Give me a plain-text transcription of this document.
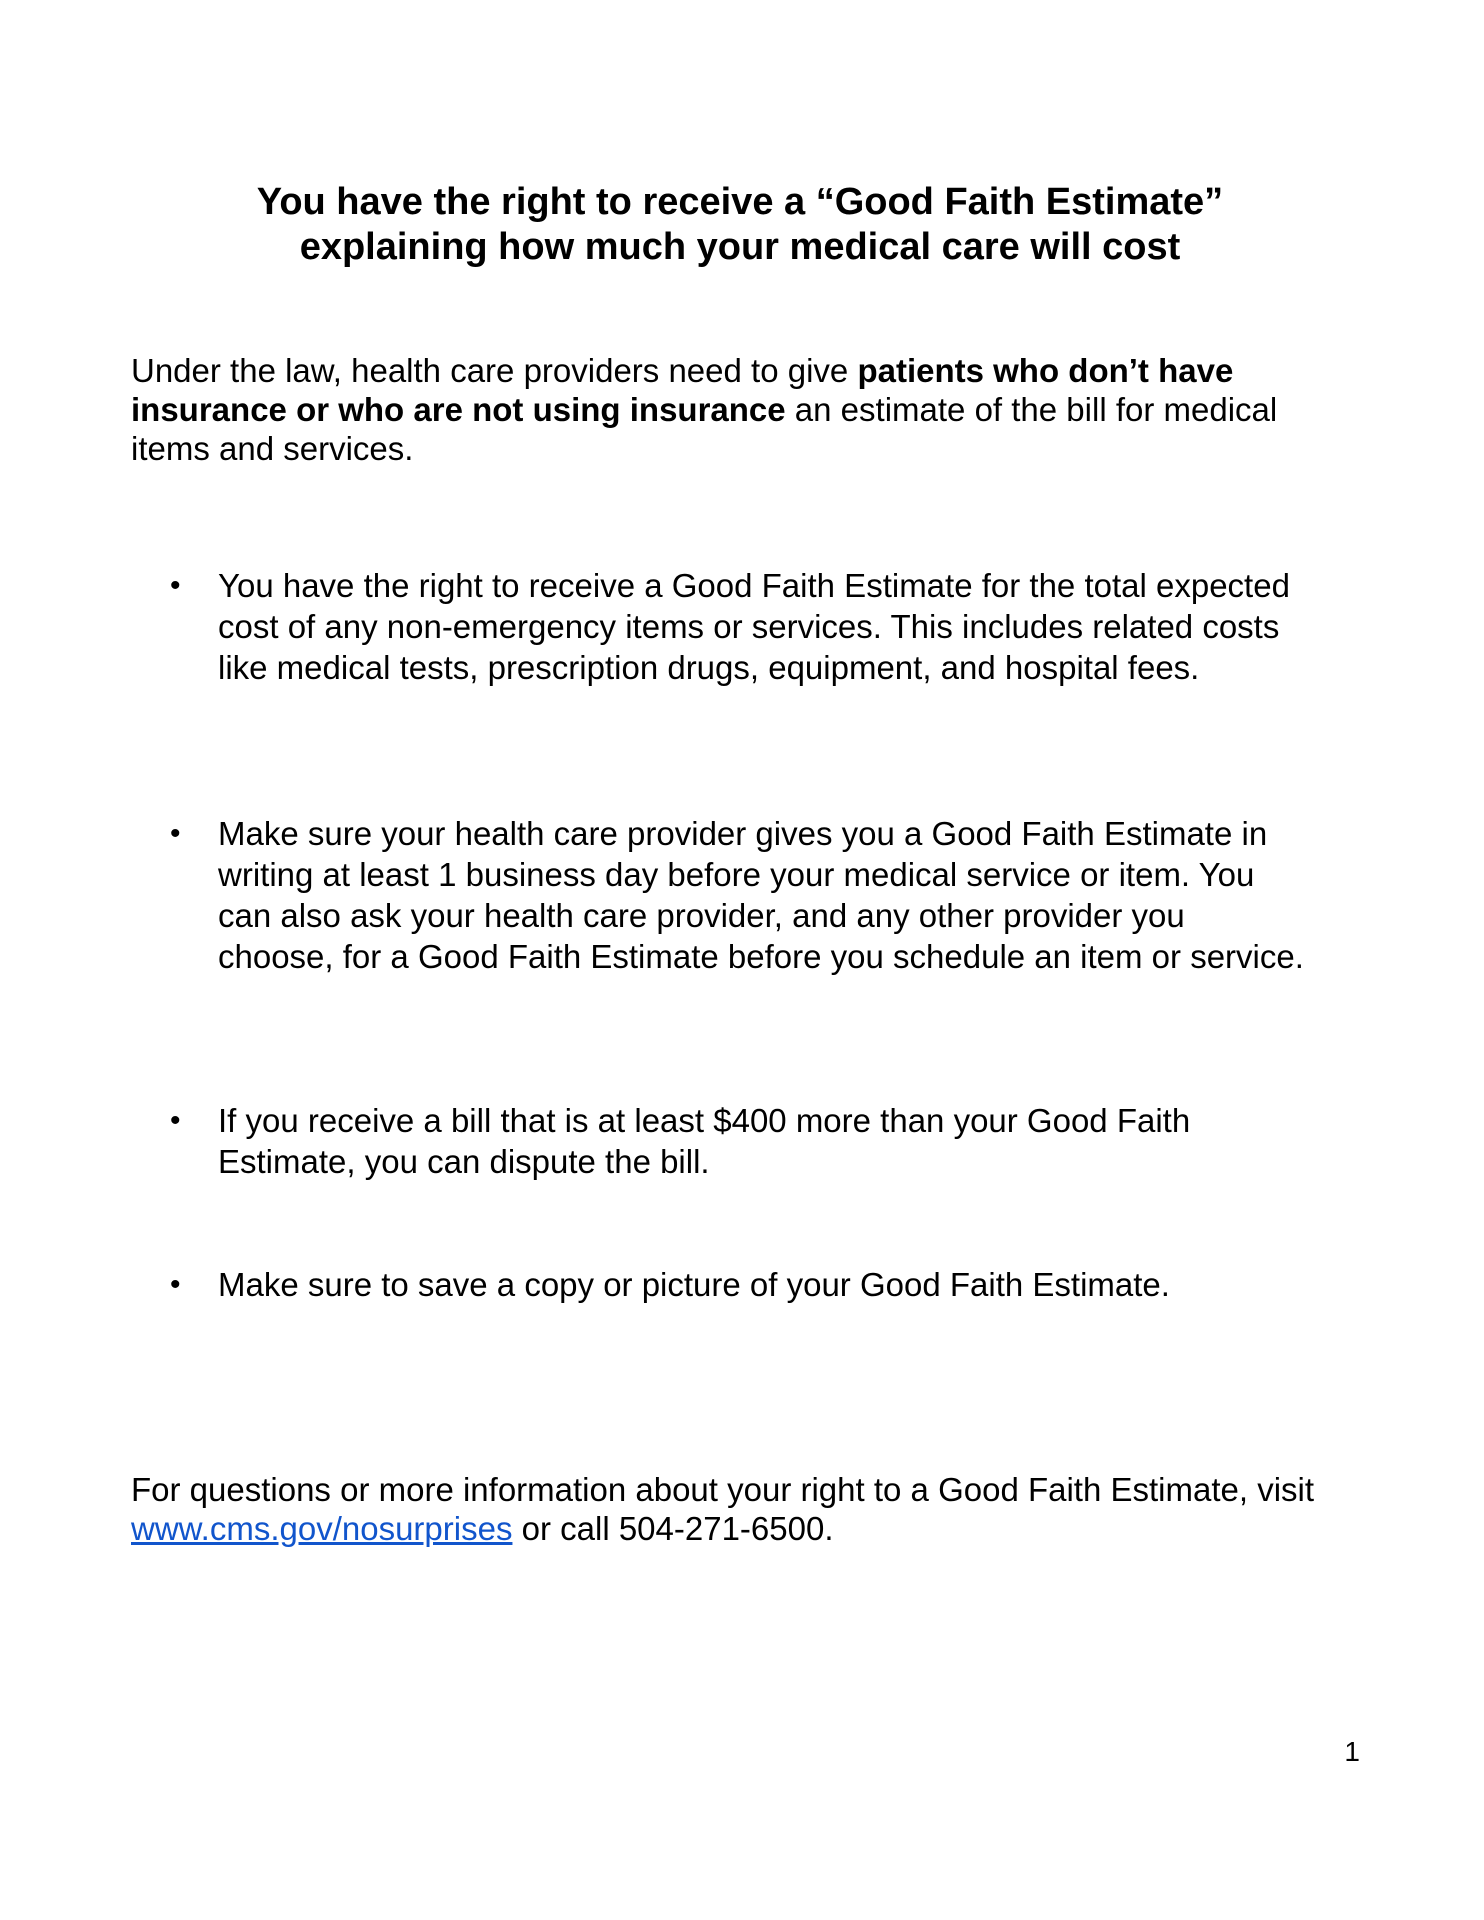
You have the right to receive a “Good Faith Estimate”
explaining how much your medical care will cost

Under the law, health care providers need to give patients who don’t have insurance or who are not using insurance an estimate of the bill for medical items and services.

• You have the right to receive a Good Faith Estimate for the total expected cost of any non-emergency items or services. This includes related costs like medical tests, prescription drugs, equipment, and hospital fees.
• Make sure your health care provider gives you a Good Faith Estimate in writing at least 1 business day before your medical service or item. You can also ask your health care provider, and any other provider you choose, for a Good Faith Estimate before you schedule an item or service.
• If you receive a bill that is at least $400 more than your Good Faith Estimate, you can dispute the bill.
• Make sure to save a copy or picture of your Good Faith Estimate.

For questions or more information about your right to a Good Faith Estimate, visit www.cms.gov/nosurprises or call 504-271-6500.

1
